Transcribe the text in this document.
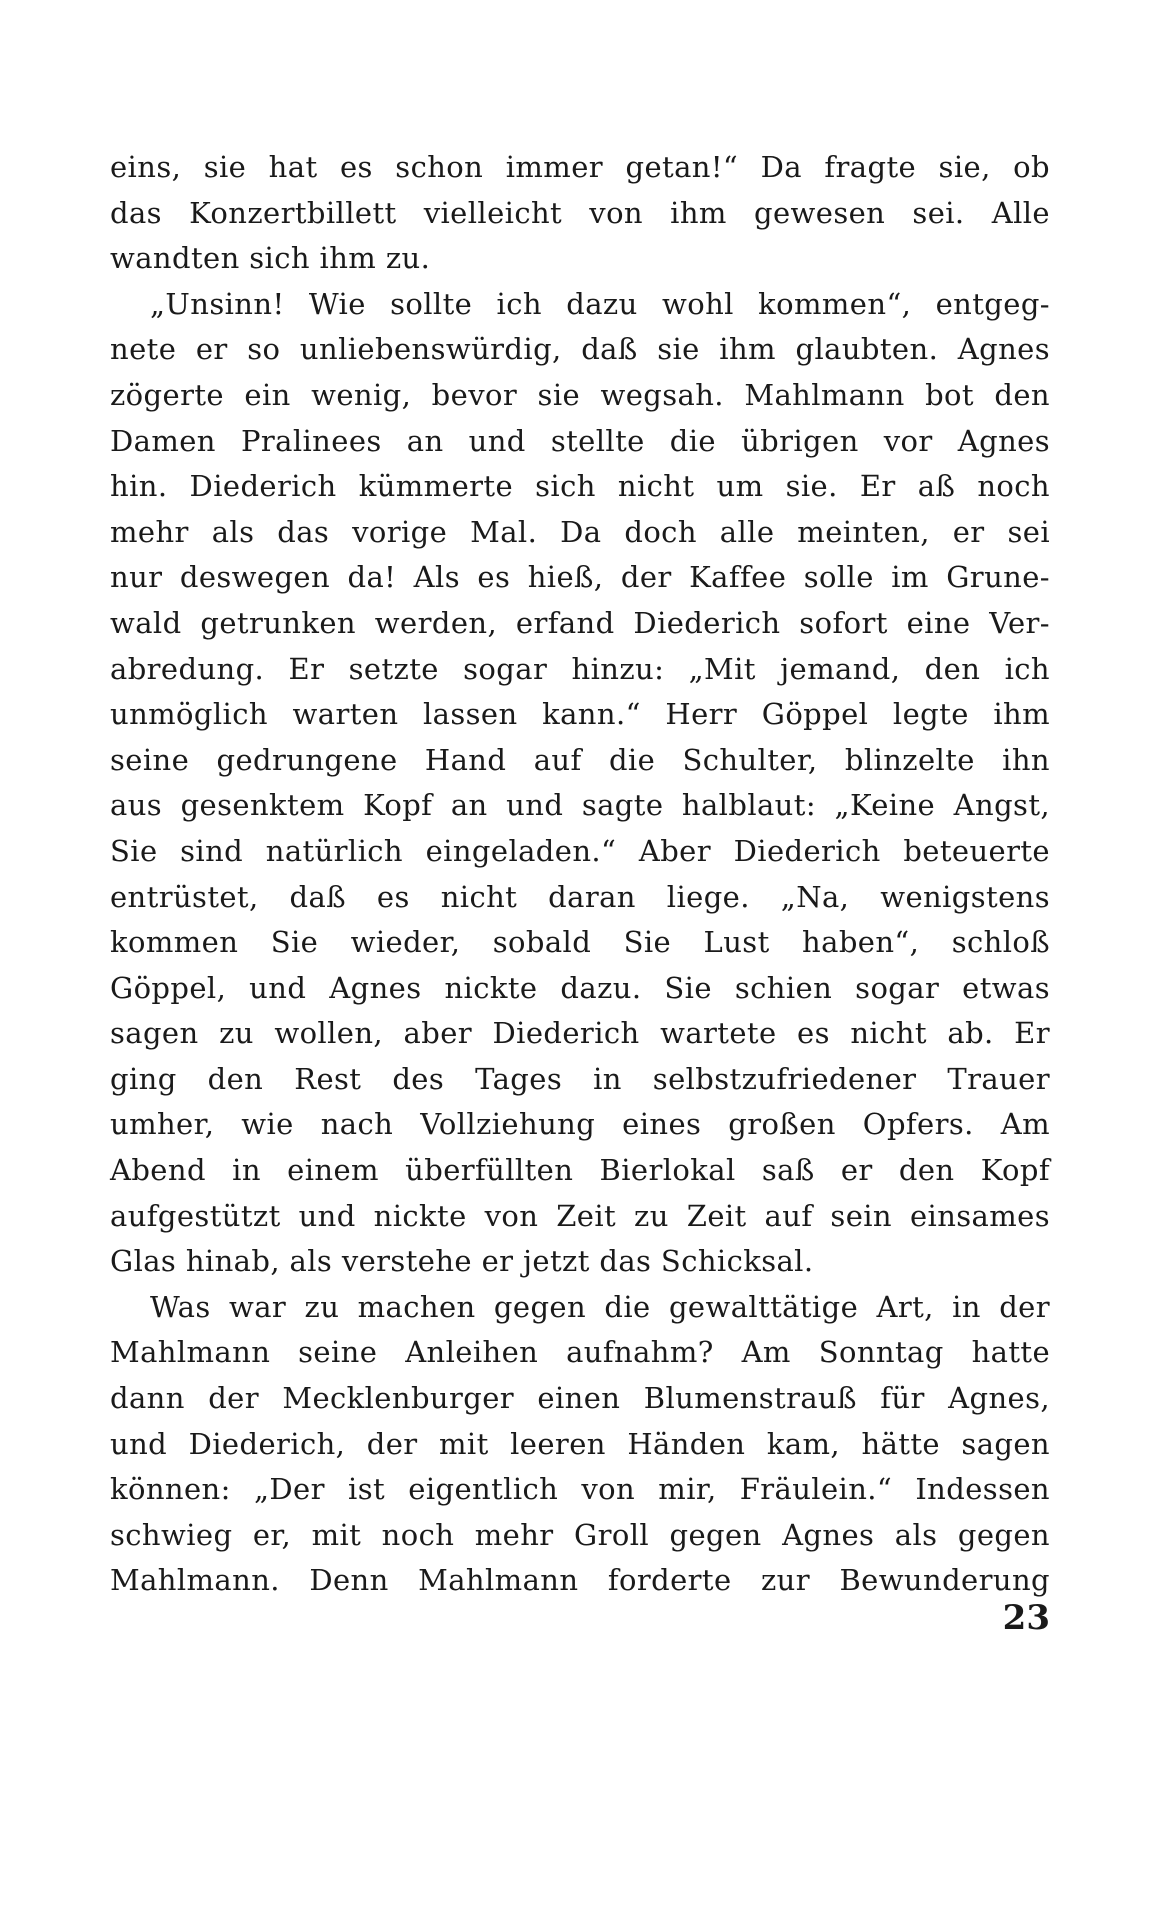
eins, sie hat es schon immer getan!“ Da fragte sie, ob
das Konzertbillett vielleicht von ihm gewesen sei. Alle
wandten sich ihm zu.
„Unsinn! Wie sollte ich dazu wohl kommen“, entgeg-
nete er so unliebenswürdig, daß sie ihm glaubten. Agnes
zögerte ein wenig, bevor sie wegsah. Mahlmann bot den
Damen Pralinees an und stellte die übrigen vor Agnes
hin. Diederich kümmerte sich nicht um sie. Er aß noch
mehr als das vorige Mal. Da doch alle meinten, er sei
nur deswegen da! Als es hieß, der Kaffee solle im Grune-
wald getrunken werden, erfand Diederich sofort eine Ver-
abredung. Er setzte sogar hinzu: „Mit jemand, den ich
unmöglich warten lassen kann.“ Herr Göppel legte ihm
seine gedrungene Hand auf die Schulter, blinzelte ihn
aus gesenktem Kopf an und sagte halblaut: „Keine Angst,
Sie sind natürlich eingeladen.“ Aber Diederich beteuerte
entrüstet, daß es nicht daran liege. „Na, wenigstens
kommen Sie wieder, sobald Sie Lust haben“, schloß
Göppel, und Agnes nickte dazu. Sie schien sogar etwas
sagen zu wollen, aber Diederich wartete es nicht ab. Er
ging den Rest des Tages in selbstzufriedener Trauer
umher, wie nach Vollziehung eines großen Opfers. Am
Abend in einem überfüllten Bierlokal saß er den Kopf
aufgestützt und nickte von Zeit zu Zeit auf sein einsames
Glas hinab, als verstehe er jetzt das Schicksal.
Was war zu machen gegen die gewalttätige Art, in der
Mahlmann seine Anleihen aufnahm? Am Sonntag hatte
dann der Mecklenburger einen Blumenstrauß für Agnes,
und Diederich, der mit leeren Händen kam, hätte sagen
können: „Der ist eigentlich von mir, Fräulein.“ Indessen
schwieg er, mit noch mehr Groll gegen Agnes als gegen
Mahlmann. Denn Mahlmann forderte zur Bewunderung
23
